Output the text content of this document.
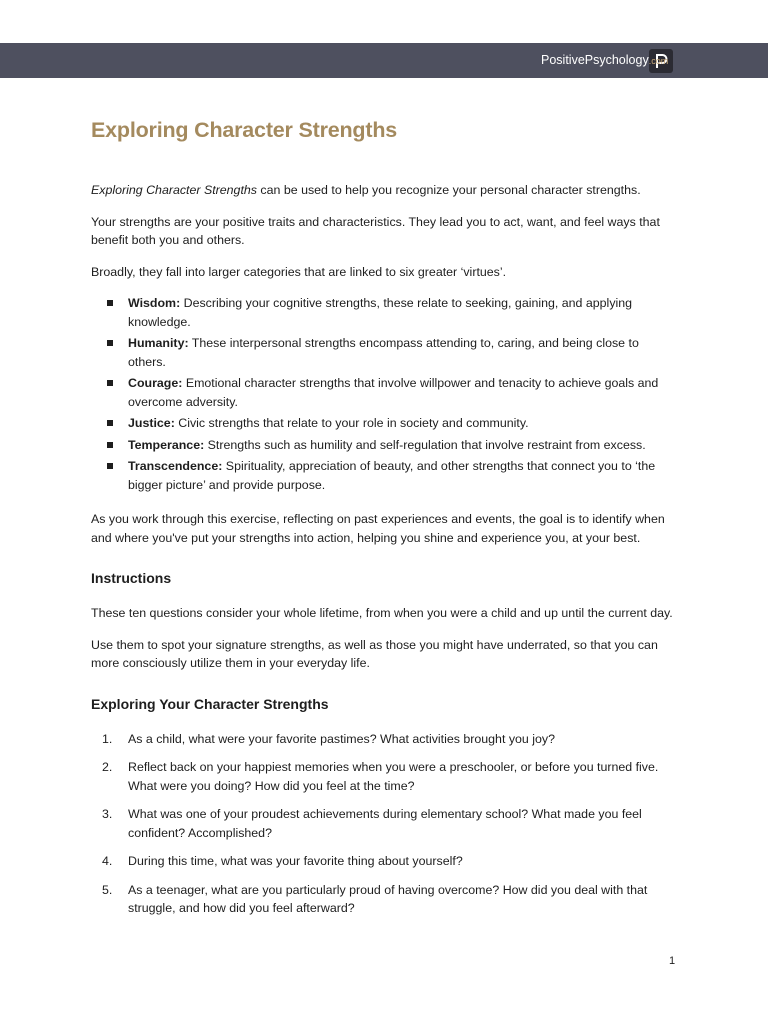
PositivePsychology.com
Exploring Character Strengths

Exploring Character Strengths can be used to help you recognize your personal character strengths.

Your strengths are your positive traits and characteristics. They lead you to act, want, and feel ways that benefit both you and others.

Broadly, they fall into larger categories that are linked to six greater ‘virtues’.

Wisdom: Describing your cognitive strengths, these relate to seeking, gaining, and applying knowledge.
Humanity: These interpersonal strengths encompass attending to, caring, and being close to others.
Courage: Emotional character strengths that involve willpower and tenacity to achieve goals and overcome adversity.
Justice: Civic strengths that relate to your role in society and community.
Temperance: Strengths such as humility and self-regulation that involve restraint from excess.
Transcendence: Spirituality, appreciation of beauty, and other strengths that connect you to ‘the bigger picture’ and provide purpose.

As you work through this exercise, reflecting on past experiences and events, the goal is to identify when and where you've put your strengths into action, helping you shine and experience you, at your best.

Instructions

These ten questions consider your whole lifetime, from when you were a child and up until the current day.

Use them to spot your signature strengths, as well as those you might have underrated, so that you can more consciously utilize them in your everyday life.

Exploring Your Character Strengths
1. As a child, what were your favorite pastimes? What activities brought you joy?
2. Reflect back on your happiest memories when you were a preschooler, or before you turned five. What were you doing? How did you feel at the time?
3. What was one of your proudest achievements during elementary school? What made you feel confident? Accomplished?
4. During this time, what was your favorite thing about yourself?
5. As a teenager, what are you particularly proud of having overcome? How did you deal with that struggle, and how did you feel afterward?
1
